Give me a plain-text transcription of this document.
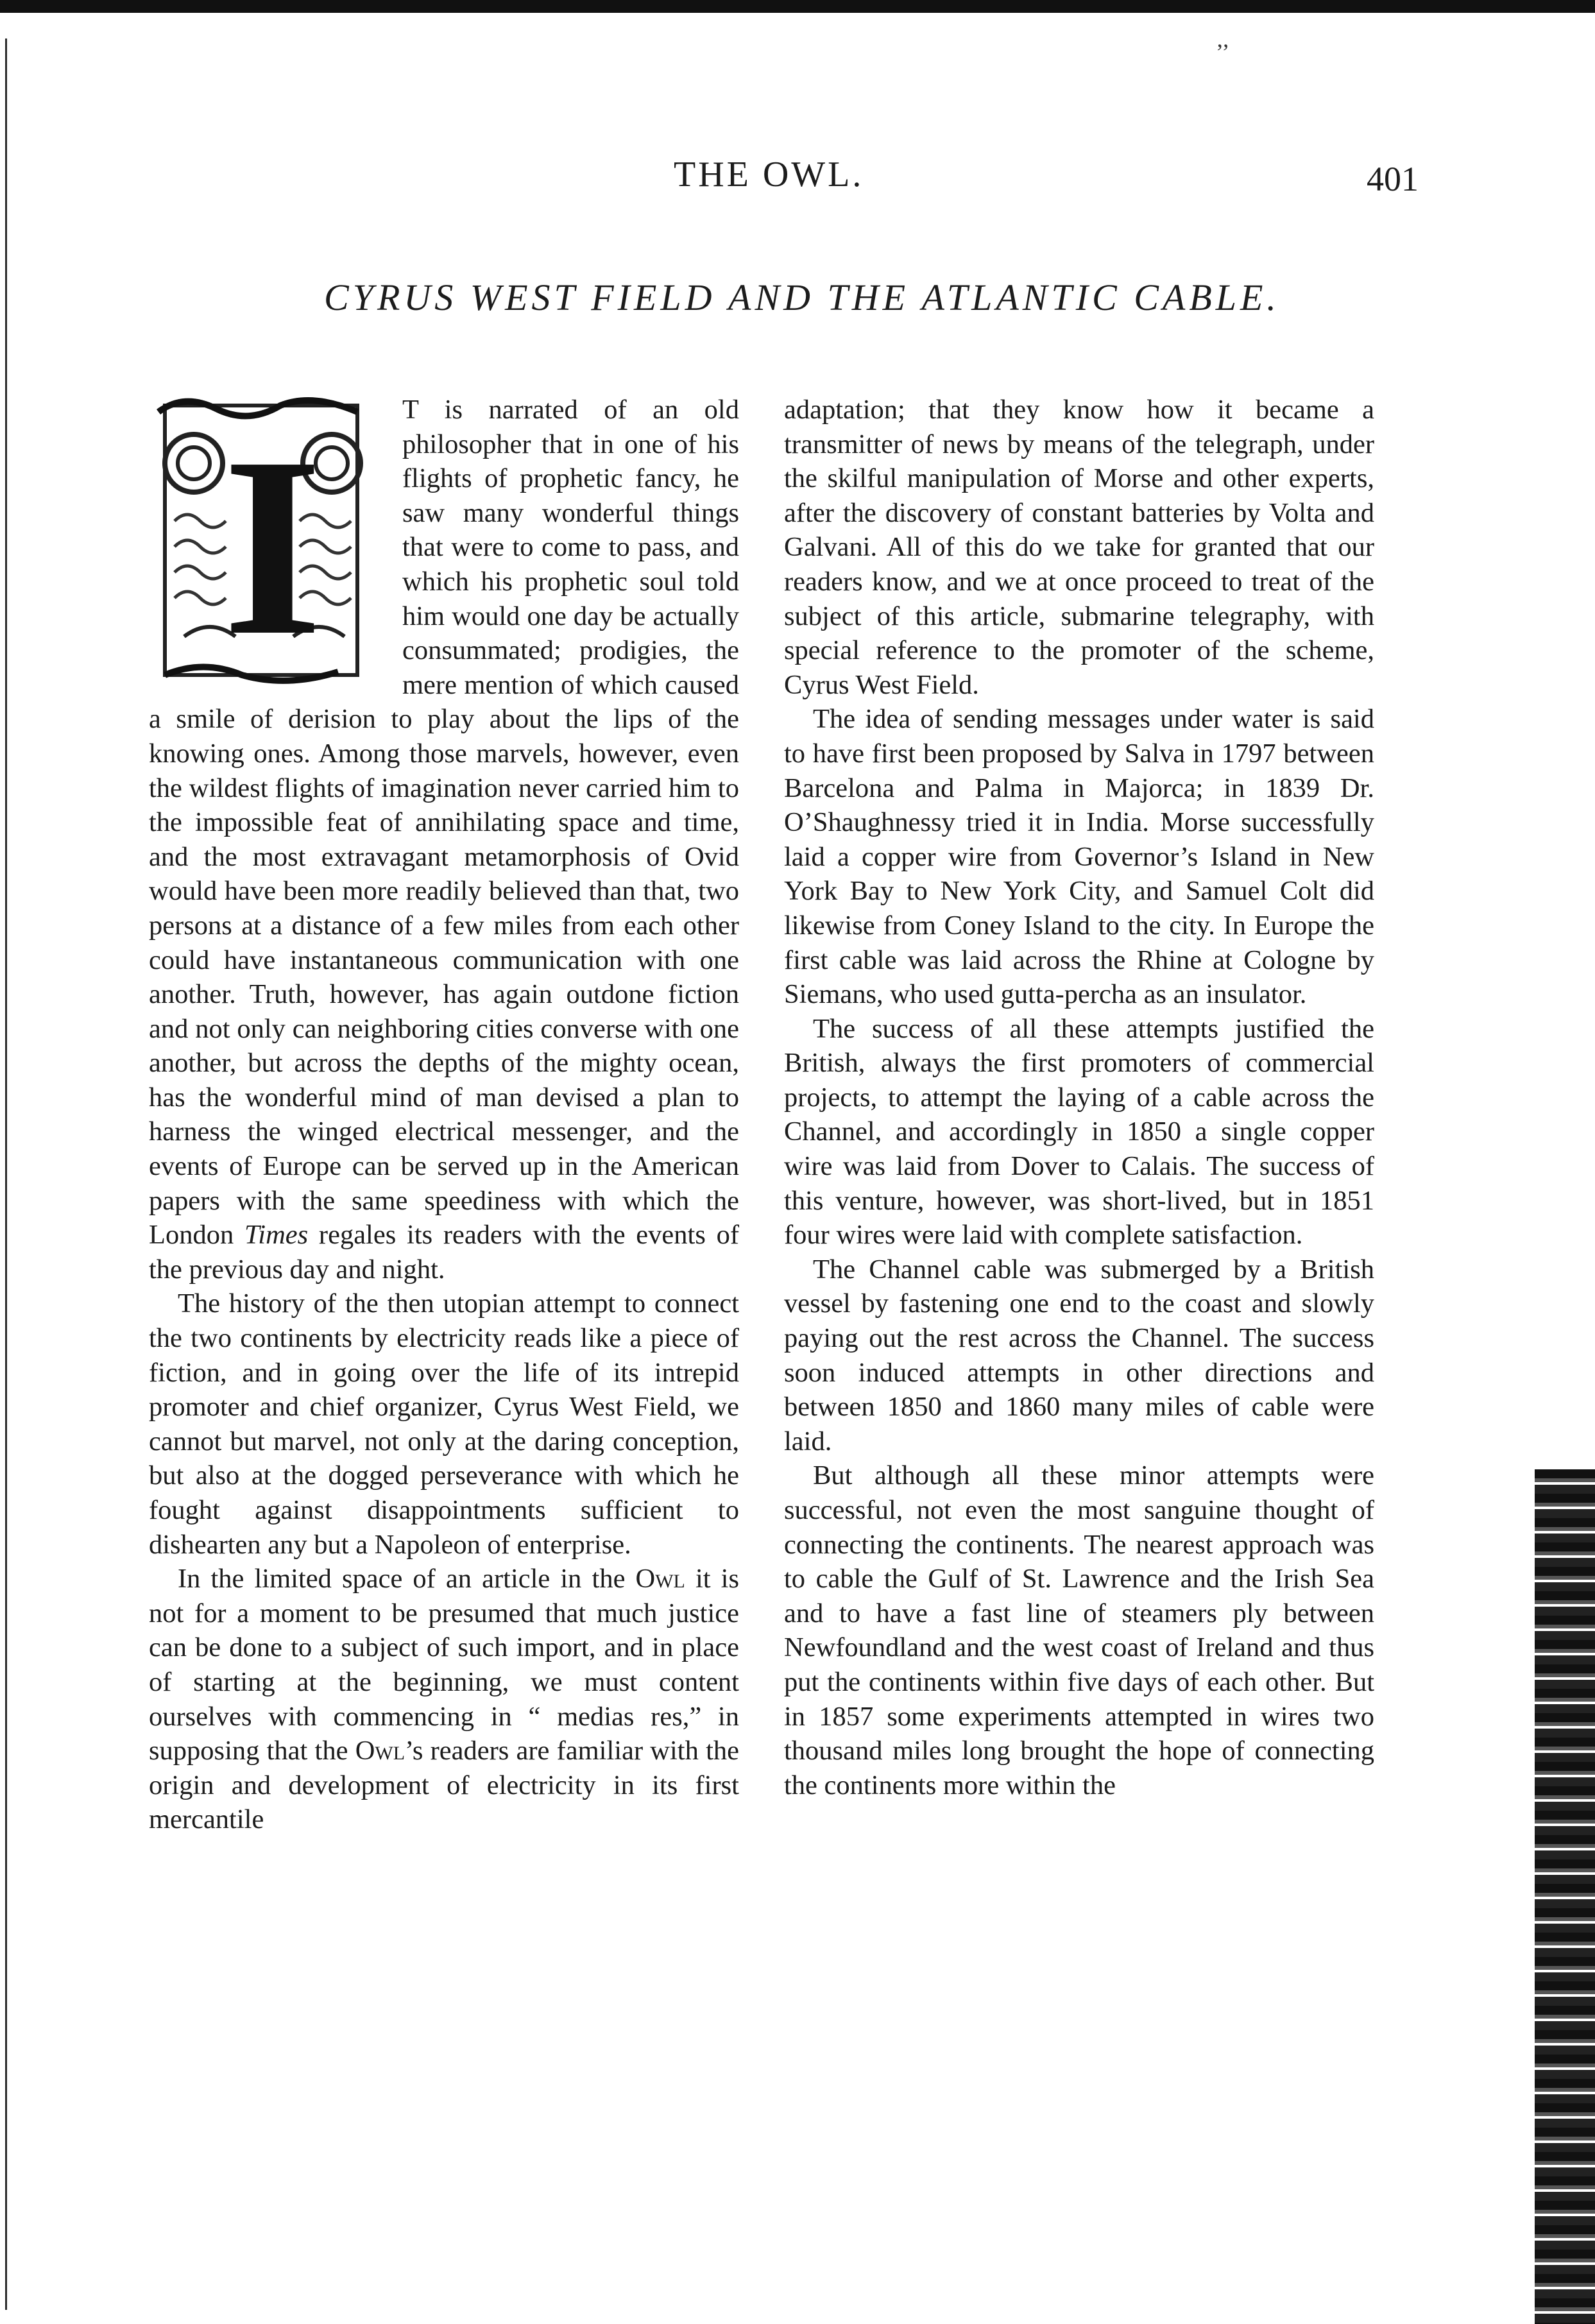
’’
THE OWL.	401
CYRUS WEST FIELD AND THE ATLANTIC CABLE.

I	T is narrated of an old philosopher that in one of his flights of prophetic fancy, he saw many wonderful things that were to come to pass, and which his prophetic soul told him would one day be actually consummated; prodigies, the mere mention of which caused a smile of derision to play about the lips of the knowing ones. Among those marvels, however, even the wildest flights of imagination never carried him to the impossible feat of annihilating space and time, and the most extravagant metamorphosis of Ovid would have been more readily believed than that, two persons at a distance of a few miles from each other could have instantaneous communication with one another. Truth, however, has again outdone fiction and not only can neighboring cities converse with one another, but across the depths of the mighty ocean, has the wonderful mind of man devised a plan to harness the winged electrical messenger, and the events of Europe can be served up in the American papers with the same speediness with which the London Times regales its readers with the events of the previous day and night.

The history of the then utopian attempt to connect the two continents by electricity reads like a piece of fiction, and in going over the life of its intrepid promoter and chief organizer, Cyrus West Field, we cannot but marvel, not only at the daring conception, but also at the dogged perseverance with which he fought against disappointments sufficient to dishearten any but a Napoleon of enterprise.

In the limited space of an article in the Owl it is not for a moment to be presumed that much justice can be done to a subject of such import, and in place of starting at the beginning, we must content ourselves with commencing in “ medias res,” in supposing that the Owl’s readers are familiar with the origin and development of electricity in its first mercantile

adaptation; that they know how it became a transmitter of news by means of the telegraph, under the skilful manipulation of Morse and other experts, after the discovery of constant batteries by Volta and Galvani. All of this do we take for granted that our readers know, and we at once proceed to treat of the subject of this article, submarine telegraphy, with special reference to the promoter of the scheme, Cyrus West Field.

The idea of sending messages under water is said to have first been proposed by Salva in 1797 between Barcelona and Palma in Majorca; in 1839 Dr. O’Shaughnessy tried it in India. Morse successfully laid a copper wire from Governor’s Island in New York Bay to New York City, and Samuel Colt did likewise from Coney Island to the city. In Europe the first cable was laid across the Rhine at Cologne by Siemans, who used gutta-percha as an insulator.

The success of all these attempts justified the British, always the first promoters of commercial projects, to attempt the laying of a cable across the Channel, and accordingly in 1850 a single copper wire was laid from Dover to Calais. The success of this venture, however, was short-lived, but in 1851 four wires were laid with complete satisfaction.

The Channel cable was submerged by a British vessel by fastening one end to the coast and slowly paying out the rest across the Channel. The success soon induced attempts in other directions and between 1850 and 1860 many miles of cable were laid.

But although all these minor attempts were successful, not even the most sanguine thought of connecting the continents. The nearest approach was to cable the Gulf of St. Lawrence and the Irish Sea and to have a fast line of steamers ply between Newfoundland and the west coast of Ireland and thus put the continents within five days of each other. But in 1857 some experiments attempted in wires two thousand miles long brought the hope of connecting the continents more within the
